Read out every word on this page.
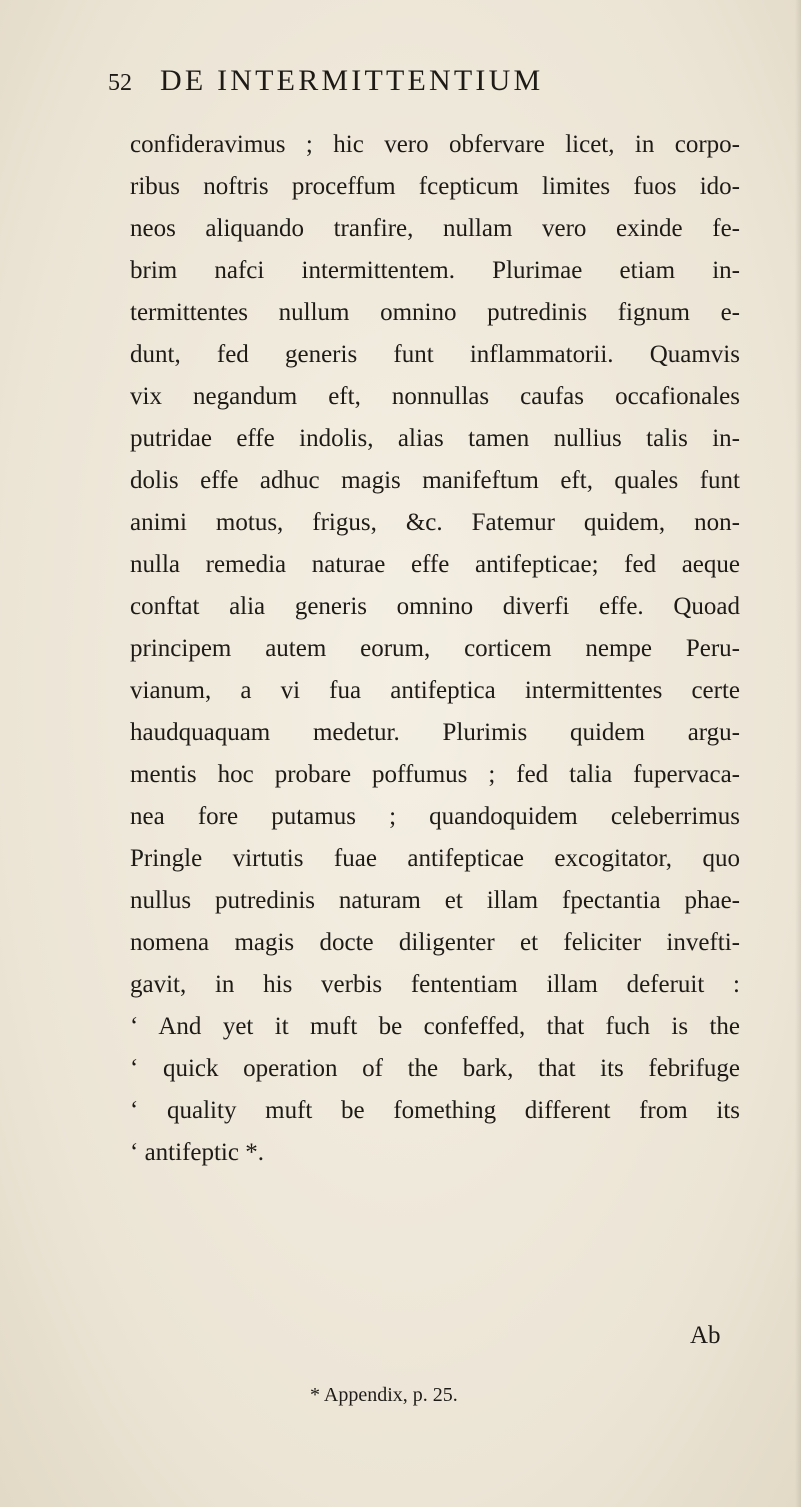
52 DE INTERMITTENTIUM
confideravimus ; hic vero obfervare licet, in corpo-
ribus noftris proceffum fcepticum limites fuos ido-
neos aliquando tranfire, nullam vero exinde fe-
brim nafci intermittentem. Plurimae etiam in-
termittentes nullum omnino putredinis fignum e-
dunt, fed generis funt inflammatorii. Quamvis
vix negandum eft, nonnullas caufas occafionales
putridae effe indolis, alias tamen nullius talis in-
dolis effe adhuc magis manifeftum eft, quales funt
animi motus, frigus, &c. Fatemur quidem, non-
nulla remedia naturae effe antifepticae; fed aeque
conftat alia generis omnino diverfi effe. Quoad
principem autem eorum, corticem nempe Peru-
vianum, a vi fua antifeptica intermittentes certe
haudquaquam medetur. Plurimis quidem argu-
mentis hoc probare poffumus ; fed talia fupervaca-
nea fore putamus ; quandoquidem celeberrimus
Pringle virtutis fuae antifepticae excogitator, quo
nullus putredinis naturam et illam fpectantia phae-
nomena magis docte diligenter et feliciter invefti-
gavit, in his verbis fententiam illam deferuit :
‘ And yet it muft be confeffed, that fuch is the
‘ quick operation of the bark, that its febrifuge
‘ quality muft be fomething different from its
‘ antifeptic *.
Ab
* Appendix, p. 25.
